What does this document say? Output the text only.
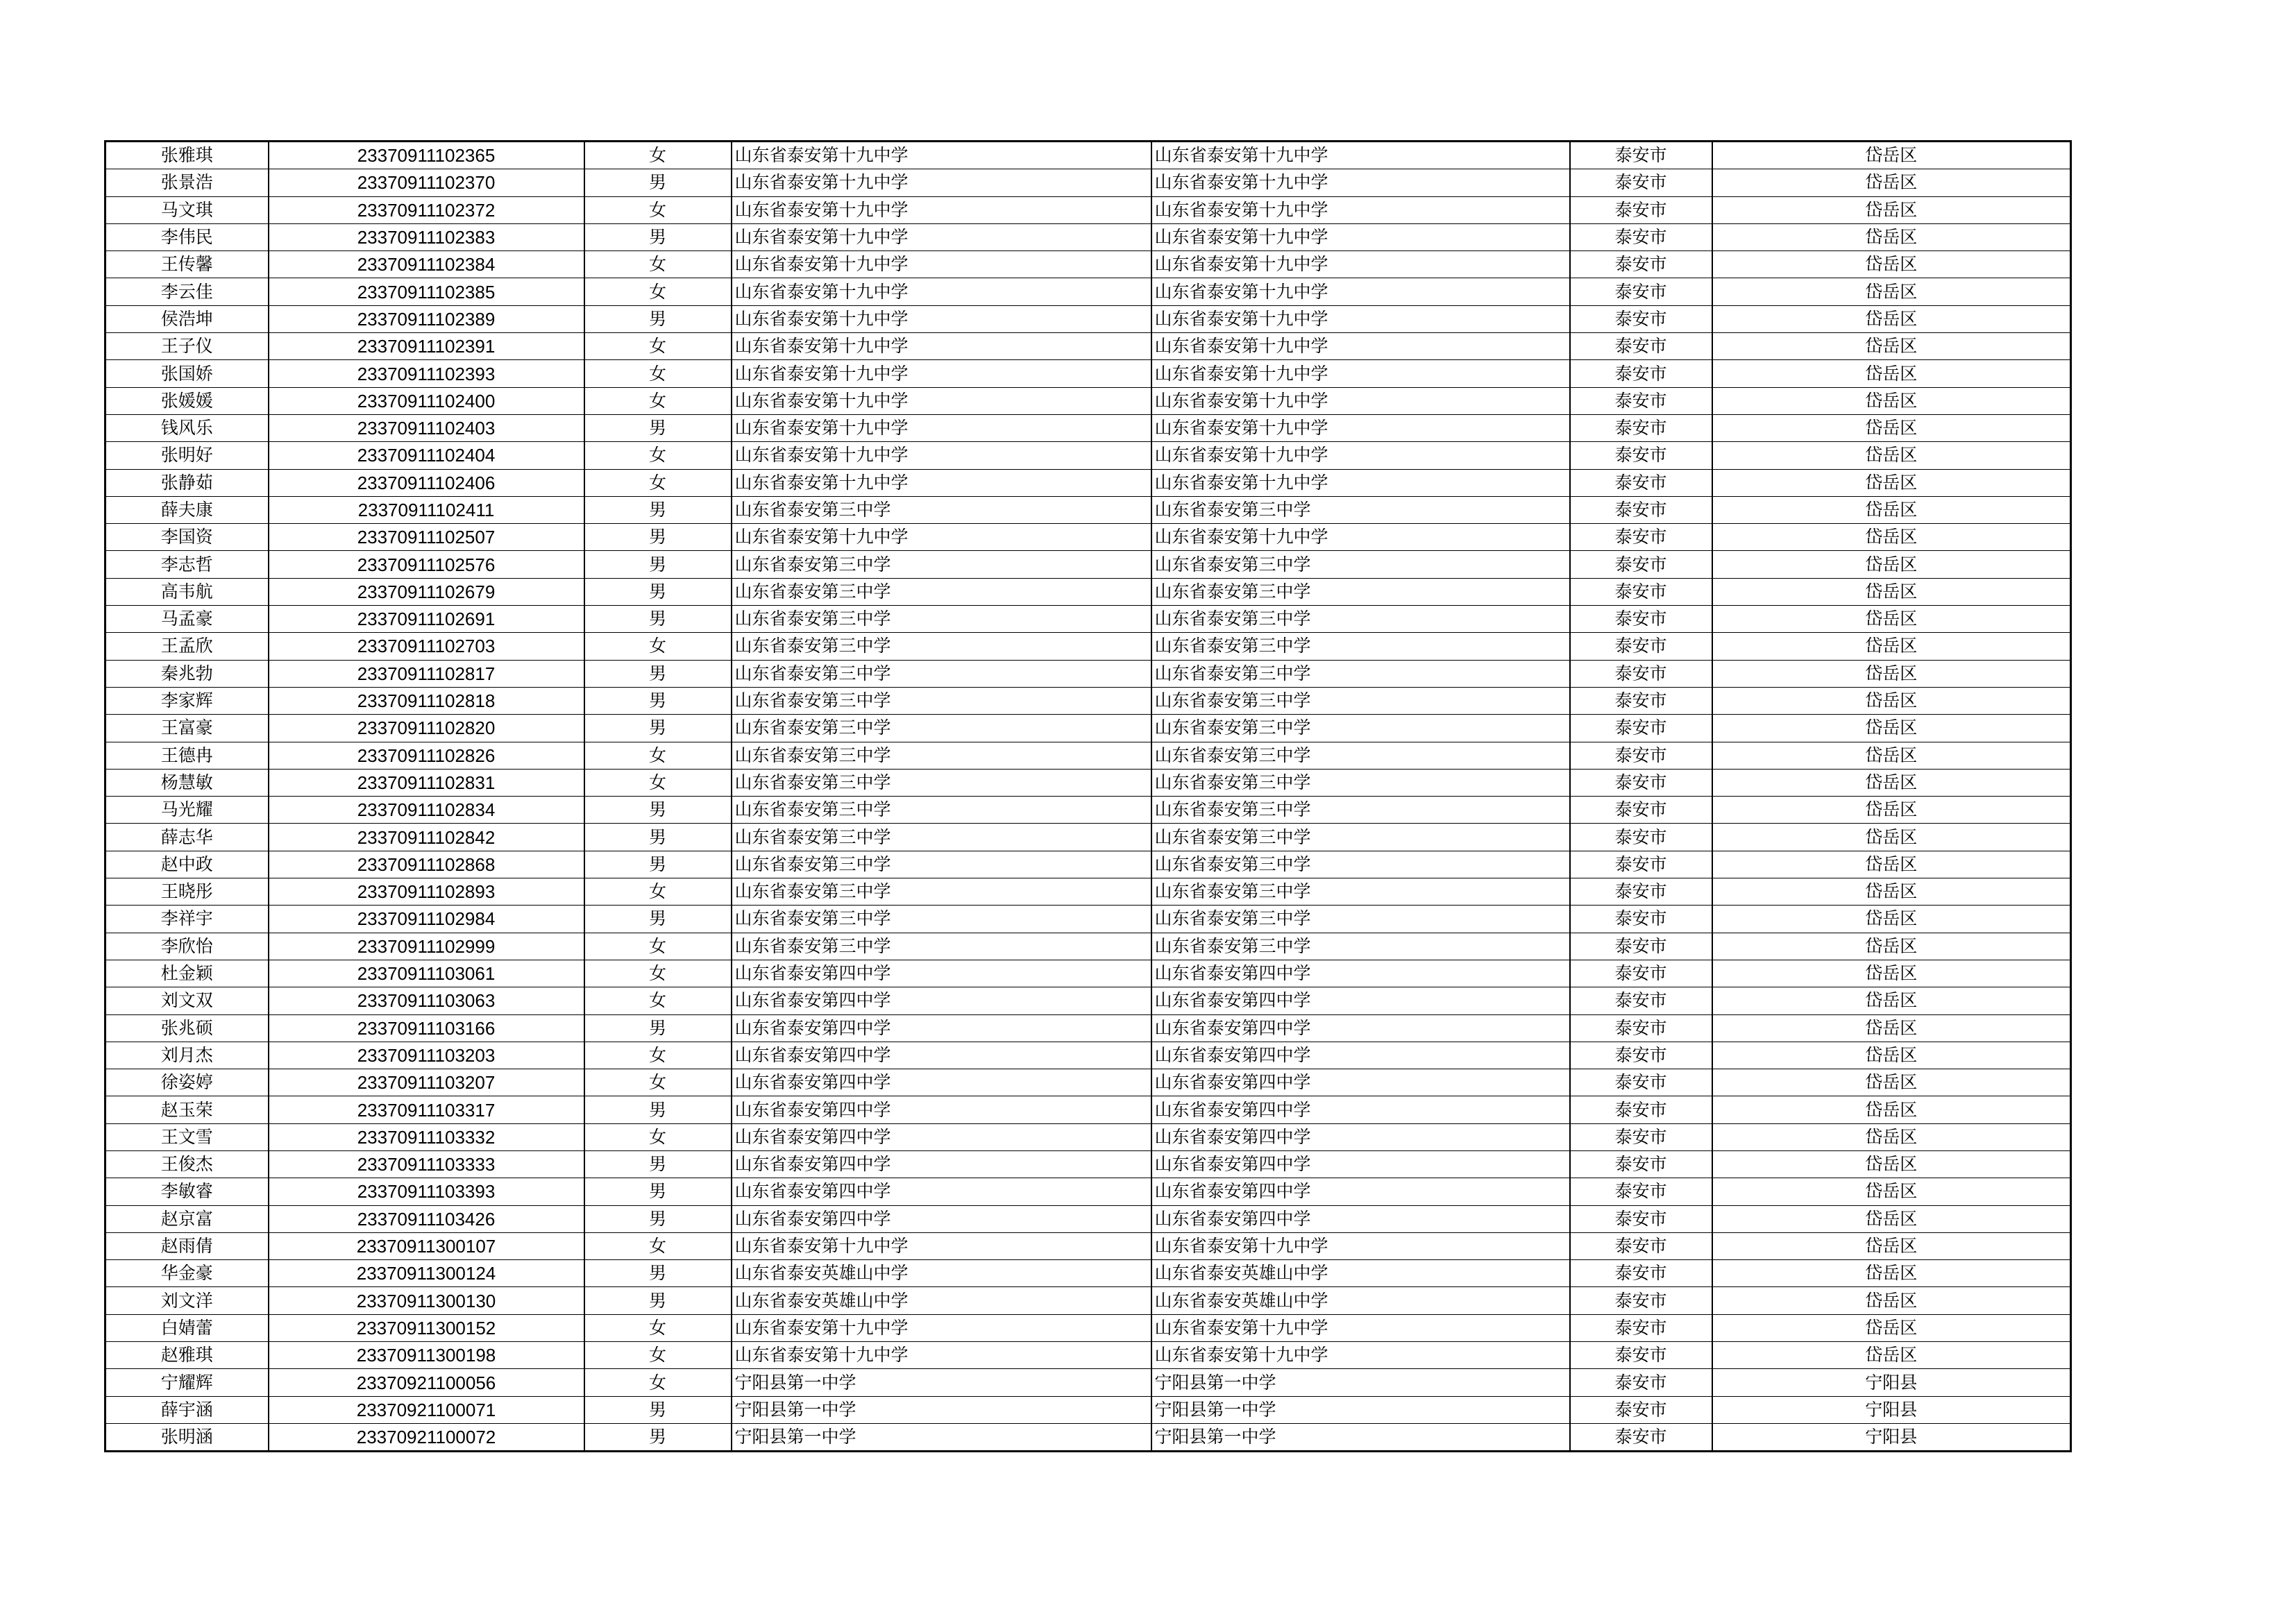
张雅琪	23370911102365	女	山东省泰安第十九中学	山东省泰安第十九中学	泰安市	岱岳区
张景浩	23370911102370	男	山东省泰安第十九中学	山东省泰安第十九中学	泰安市	岱岳区
马文琪	23370911102372	女	山东省泰安第十九中学	山东省泰安第十九中学	泰安市	岱岳区
李伟民	23370911102383	男	山东省泰安第十九中学	山东省泰安第十九中学	泰安市	岱岳区
王传馨	23370911102384	女	山东省泰安第十九中学	山东省泰安第十九中学	泰安市	岱岳区
李云佳	23370911102385	女	山东省泰安第十九中学	山东省泰安第十九中学	泰安市	岱岳区
侯浩坤	23370911102389	男	山东省泰安第十九中学	山东省泰安第十九中学	泰安市	岱岳区
王子仪	23370911102391	女	山东省泰安第十九中学	山东省泰安第十九中学	泰安市	岱岳区
张国娇	23370911102393	女	山东省泰安第十九中学	山东省泰安第十九中学	泰安市	岱岳区
张媛媛	23370911102400	女	山东省泰安第十九中学	山东省泰安第十九中学	泰安市	岱岳区
钱风乐	23370911102403	男	山东省泰安第十九中学	山东省泰安第十九中学	泰安市	岱岳区
张明好	23370911102404	女	山东省泰安第十九中学	山东省泰安第十九中学	泰安市	岱岳区
张静茹	23370911102406	女	山东省泰安第十九中学	山东省泰安第十九中学	泰安市	岱岳区
薛夫康	23370911102411	男	山东省泰安第三中学	山东省泰安第三中学	泰安市	岱岳区
李国资	23370911102507	男	山东省泰安第十九中学	山东省泰安第十九中学	泰安市	岱岳区
李志哲	23370911102576	男	山东省泰安第三中学	山东省泰安第三中学	泰安市	岱岳区
高韦航	23370911102679	男	山东省泰安第三中学	山东省泰安第三中学	泰安市	岱岳区
马孟豪	23370911102691	男	山东省泰安第三中学	山东省泰安第三中学	泰安市	岱岳区
王孟欣	23370911102703	女	山东省泰安第三中学	山东省泰安第三中学	泰安市	岱岳区
秦兆勃	23370911102817	男	山东省泰安第三中学	山东省泰安第三中学	泰安市	岱岳区
李家辉	23370911102818	男	山东省泰安第三中学	山东省泰安第三中学	泰安市	岱岳区
王富豪	23370911102820	男	山东省泰安第三中学	山东省泰安第三中学	泰安市	岱岳区
王德冉	23370911102826	女	山东省泰安第三中学	山东省泰安第三中学	泰安市	岱岳区
杨慧敏	23370911102831	女	山东省泰安第三中学	山东省泰安第三中学	泰安市	岱岳区
马光耀	23370911102834	男	山东省泰安第三中学	山东省泰安第三中学	泰安市	岱岳区
薛志华	23370911102842	男	山东省泰安第三中学	山东省泰安第三中学	泰安市	岱岳区
赵中政	23370911102868	男	山东省泰安第三中学	山东省泰安第三中学	泰安市	岱岳区
王晓彤	23370911102893	女	山东省泰安第三中学	山东省泰安第三中学	泰安市	岱岳区
李祥宇	23370911102984	男	山东省泰安第三中学	山东省泰安第三中学	泰安市	岱岳区
李欣怡	23370911102999	女	山东省泰安第三中学	山东省泰安第三中学	泰安市	岱岳区
杜金颖	23370911103061	女	山东省泰安第四中学	山东省泰安第四中学	泰安市	岱岳区
刘文双	23370911103063	女	山东省泰安第四中学	山东省泰安第四中学	泰安市	岱岳区
张兆硕	23370911103166	男	山东省泰安第四中学	山东省泰安第四中学	泰安市	岱岳区
刘月杰	23370911103203	女	山东省泰安第四中学	山东省泰安第四中学	泰安市	岱岳区
徐姿婷	23370911103207	女	山东省泰安第四中学	山东省泰安第四中学	泰安市	岱岳区
赵玉荣	23370911103317	男	山东省泰安第四中学	山东省泰安第四中学	泰安市	岱岳区
王文雪	23370911103332	女	山东省泰安第四中学	山东省泰安第四中学	泰安市	岱岳区
王俊杰	23370911103333	男	山东省泰安第四中学	山东省泰安第四中学	泰安市	岱岳区
李敏睿	23370911103393	男	山东省泰安第四中学	山东省泰安第四中学	泰安市	岱岳区
赵京富	23370911103426	男	山东省泰安第四中学	山东省泰安第四中学	泰安市	岱岳区
赵雨倩	23370911300107	女	山东省泰安第十九中学	山东省泰安第十九中学	泰安市	岱岳区
华金豪	23370911300124	男	山东省泰安英雄山中学	山东省泰安英雄山中学	泰安市	岱岳区
刘文洋	23370911300130	男	山东省泰安英雄山中学	山东省泰安英雄山中学	泰安市	岱岳区
白婧蕾	23370911300152	女	山东省泰安第十九中学	山东省泰安第十九中学	泰安市	岱岳区
赵雅琪	23370911300198	女	山东省泰安第十九中学	山东省泰安第十九中学	泰安市	岱岳区
宁耀辉	23370921100056	女	宁阳县第一中学	宁阳县第一中学	泰安市	宁阳县
薛宇涵	23370921100071	男	宁阳县第一中学	宁阳县第一中学	泰安市	宁阳县
张明涵	23370921100072	男	宁阳县第一中学	宁阳县第一中学	泰安市	宁阳县
